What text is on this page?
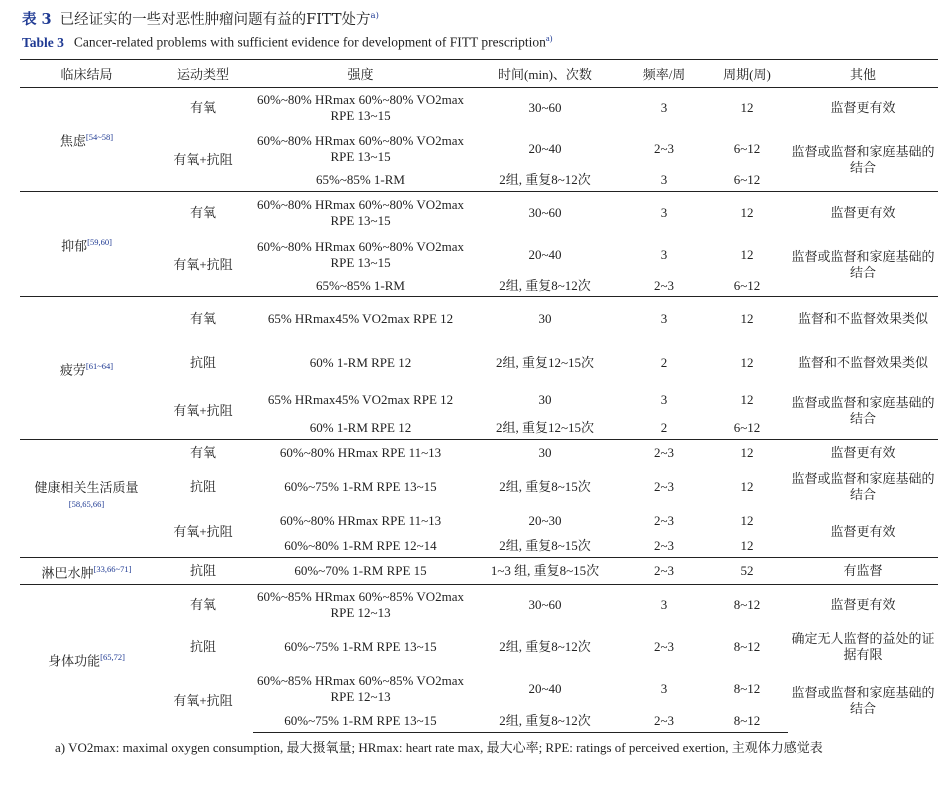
表 3 已经证实的一些对恶性肿瘤问题有益的FITT处方$^{a)}$
Table 3 Cancer-related problems with sufficient evidence for development of FITT prescription$^{a)}$
临床结局	运动类型	强度	时间(min)、次数	频率/周	周期(周)	其他
焦虑[54~58]	有氧	60%~80% HRmax 60%~80% VO2max RPE 13~15	30~60	3	12	监督更有效
	有氧+抗阻	60%~80% HRmax 60%~80% VO2max RPE 13~15	20~40	2~3	6~12	监督或监督和家庭基础的结合
		65%~85% 1-RM	2组, 重复8~12次	3	6~12	
抑郁[59,60]	有氧	60%~80% HRmax 60%~80% VO2max RPE 13~15	30~60	3	12	监督更有效
	有氧+抗阻	60%~80% HRmax 60%~80% VO2max RPE 13~15	20~40	3	12	监督或监督和家庭基础的结合
		65%~85% 1-RM	2组, 重复8~12次	2~3	6~12	
疲劳[61~64]	有氧	65% HRmax45% VO2max RPE 12	30	3	12	监督和不监督效果类似
	抗阻	60% 1-RM RPE 12	2组, 重复12~15次	2	12	监督和不监督效果类似
	有氧+抗阻	65% HRmax45% VO2max RPE 12	30	3	12	监督或监督和家庭基础的结合
		60% 1-RM RPE 12	2组, 重复12~15次	2	6~12	
健康相关生活质量[58,65,66]	有氧	60%~80% HRmax RPE 11~13	30	2~3	12	监督更有效
	抗阻	60%~75% 1-RM RPE 13~15	2组, 重复8~15次	2~3	12	监督或监督和家庭基础的结合
	有氧+抗阻	60%~80% HRmax RPE 11~13	20~30	2~3	12	监督更有效
		60%~80% 1-RM RPE 12~14	2组, 重复8~15次	2~3	12	
淋巴水肿[33,66~71]	抗阻	60%~70% 1-RM RPE 15	1~3 组, 重复8~15次	2~3	52	有监督
身体功能[65,72]	有氧	60%~85% HRmax 60%~85% VO2max RPE 12~13	30~60	3	8~12	监督更有效
	抗阻	60%~75% 1-RM RPE 13~15	2组, 重复8~12次	2~3	8~12	确定无人监督的益处的证据有限
	有氧+抗阻	60%~85% HRmax 60%~85% VO2max RPE 12~13	20~40	3	8~12	监督或监督和家庭基础的结合
		60%~75% 1-RM RPE 13~15	2组, 重复8~12次	2~3	8~12	
a) VO2max: maximal oxygen consumption, 最大摄氧量; HRmax: heart rate max, 最大心率; RPE: ratings of perceived exertion, 主观体力感觉表
